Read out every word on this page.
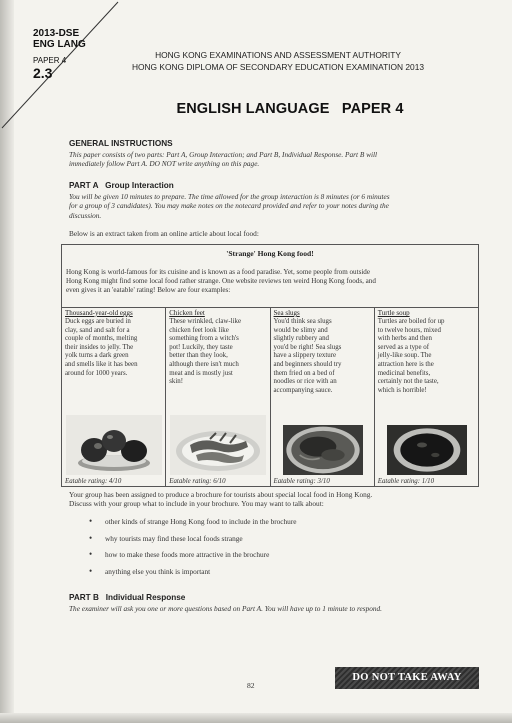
2013-DSE
ENG LANG
PAPER 4
2.3
HONG KONG EXAMINATIONS AND ASSESSMENT AUTHORITY
HONG KONG DIPLOMA OF SECONDARY EDUCATION EXAMINATION 2013
ENGLISH LANGUAGE   PAPER 4
GENERAL INSTRUCTIONS
This paper consists of two parts: Part A, Group Interaction; and Part B, Individual Response. Part B will
immediately follow Part A. DO NOT write anything on this page.
PART A   Group Interaction
You will be given 10 minutes to prepare. The time allowed for the group interaction is 8 minutes (or 6 minutes
for a group of 3 candidates). You may make notes on the notecard provided and refer to your notes during the
discussion.
Below is an extract taken from an online article about local food:
'Strange' Hong Kong food!
Hong Kong is world-famous for its cuisine and is known as a food paradise. Yet, some people from outside
Hong Kong might find some local food rather strange. One website reviews ten weird Hong Kong foods, and
even gives it an 'eatable' rating! Below are four examples:
Thousand-year-old eggs
Duck eggs are buried in
clay, sand and salt for a
couple of months, melting
their insides to jelly. The
yolk turns a dark green
and smells like it has been
around for 1000 years.
Eatable rating: 4/10
Chicken feet
These wrinkled, claw-like
chicken feet look like
something from a witch's
pot! Luckily, they taste
better than they look,
although there isn't much
meat and is mostly just
skin!
Eatable rating: 6/10
Sea slugs
You'd think sea slugs
would be slimy and
slightly rubbery and
you'd be right! Sea slugs
have a slippery texture
and beginners should try
them fried on a bed of
noodles or rice with an
accompanying sauce.
Eatable rating: 3/10
Turtle soup
Turtles are boiled for up
to twelve hours, mixed
with herbs and then
served as a type of
jelly-like soup. The
attraction here is the
medicinal benefits,
certainly not the taste,
which is horrible!
Eatable rating: 1/10
Your group has been assigned to produce a brochure for tourists about special local food in Hong Kong.
Discuss with your group what to include in your brochure. You may want to talk about:
• other kinds of strange Hong Kong food to include in the brochure
• why tourists may find these local foods strange
• how to make these foods more attractive in the brochure
• anything else you think is important
PART B   Individual Response
The examiner will ask you one or more questions based on Part A. You will have up to 1 minute to respond.
82
DO NOT TAKE AWAY
